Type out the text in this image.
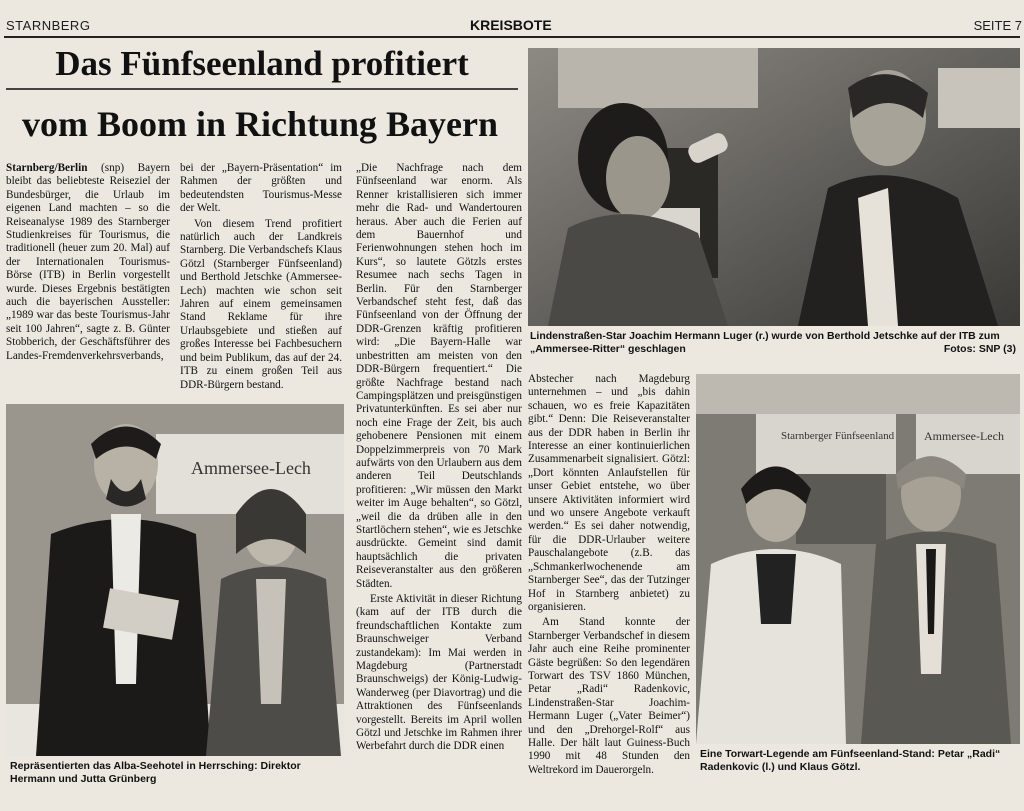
STARNBERG	KREISBOTE	SEITE 7
Das Fünfseenland profitiert
vom Boom in Richtung Bayern

Starnberg/Berlin (snp) Bayern bleibt das beliebteste Reiseziel der Bundesbürger, die Urlaub im eigenen Land machten – so die Reiseanalyse 1989 des Starnberger Studienkreises für Tourismus, die traditionell (heuer zum 20. Mal) auf der Internationalen Tourismus-Börse (ITB) in Berlin vorgestellt wurde. Dieses Ergebnis bestätigten auch die bayerischen Aussteller: „1989 war das beste Tourismus-Jahr seit 100 Jahren“, sagte z. B. Günter Stobberich, der Geschäftsführer des Landes-Fremdenverkehrsverbands,

bei der „Bayern-Präsentation“ im Rahmen der größten und bedeutendsten Tourismus-Messe der Welt.

Von diesem Trend profitiert natürlich auch der Landkreis Starnberg. Die Verbandschefs Klaus Götzl (Starnberger Fünfseenland) und Berthold Jetschke (Ammersee-Lech) machten wie schon seit Jahren auf einem gemeinsamen Stand Reklame für ihre Urlaubsgebiete und stießen auf großes Interesse bei Fachbesuchern und beim Publikum, das auf der 24. ITB zu einem großen Teil aus DDR-Bürgern bestand.

„Die Nachfrage nach dem Fünfseenland war enorm. Als Renner kristallisieren sich immer mehr die Rad- und Wandertouren heraus. Aber auch die Ferien auf dem Bauernhof und Ferienwohnungen stehen hoch im Kurs“, so lautete Götzls erstes Resumee nach sechs Tagen in Berlin. Für den Starnberger Verbandschef steht fest, daß das Fünfseenland von der Öffnung der DDR-Grenzen kräftig profitieren wird: „Die Bayern-Halle war unbestritten am meisten von den DDR-Bürgern frequentiert.“ Die größte Nachfrage bestand nach Campingsplätzen und preisgünstigen Privatunterkünften. Es sei aber nur noch eine Frage der Zeit, bis auch gehobenere Pensionen mit einem Doppelzimmerpreis von 70 Mark aufwärts von den Urlaubern aus dem anderen Teil Deutschlands profitieren: „Wir müssen den Markt weiter im Auge behalten“, so Götzl, „weil die da drüben alle in den Startlöchern stehen“, wie es Jetschke ausdrückte. Gemeint sind damit hauptsächlich die privaten Reiseveranstalter aus den größeren Städten.

Erste Aktivität in dieser Richtung (kam auf der ITB durch die freundschaftlichen Kontakte zum Braunschweiger Verband zustandekam): Im Mai werden in Magdeburg (Partnerstadt Braunschweigs) der König-Ludwig-Wanderweg (per Diavortrag) und die Attraktionen des Fünfseenlands vorgestellt. Bereits im April wollen Götzl und Jetschke im Rahmen ihrer Werbefahrt durch die DDR einen

Abstecher nach Magdeburg unternehmen – und „bis dahin schauen, wo es freie Kapazitäten gibt.“ Denn: Die Reiseveranstalter aus der DDR haben in Berlin ihr Interesse an einer kontinuierlichen Zusammenarbeit signalisiert. Götzl: „Dort könnten Anlaufstellen für unser Gebiet entstehe, wo über unsere Aktivitäten informiert wird und wo unsere Angebote verkauft werden.“ Es sei daher notwendig, für die DDR-Urlauber weitere Pauschalangebote (z.B. das „Schmankerlwochenende am Starnberger See“, das der Tutzinger Hof in Starnberg anbietet) zu organisieren.

Am Stand konnte der Starnberger Verbandschef in diesem Jahr auch eine Reihe prominenter Gäste begrüßen: So den legendären Torwart des TSV 1860 München, Petar „Radi“ Radenkovic, Lindenstraßen-Star Joachim-Hermann Luger („Vater Beimer“) und den „Drehorgel-Rolf“ aus Halle. Der hält laut Guiness-Buch 1990 mit 48 Stunden den Weltrekord im Dauerorgeln.

Lindenstraßen-Star Joachim Hermann Luger (r.) wurde von Berthold Jetschke auf der ITB zum „Ammersee-Ritter“ geschlagen	Fotos: SNP (3)
Ammersee-Lech
Repräsentierten das Alba-Seehotel in Herrsching: Direktor Hermann und Jutta Grünberg
Starnberger Fünfseenland Ammersee-Lech
Eine Torwart-Legende am Fünfseenland-Stand: Petar „Radi“ Radenkovic (l.) und Klaus Götzl.
